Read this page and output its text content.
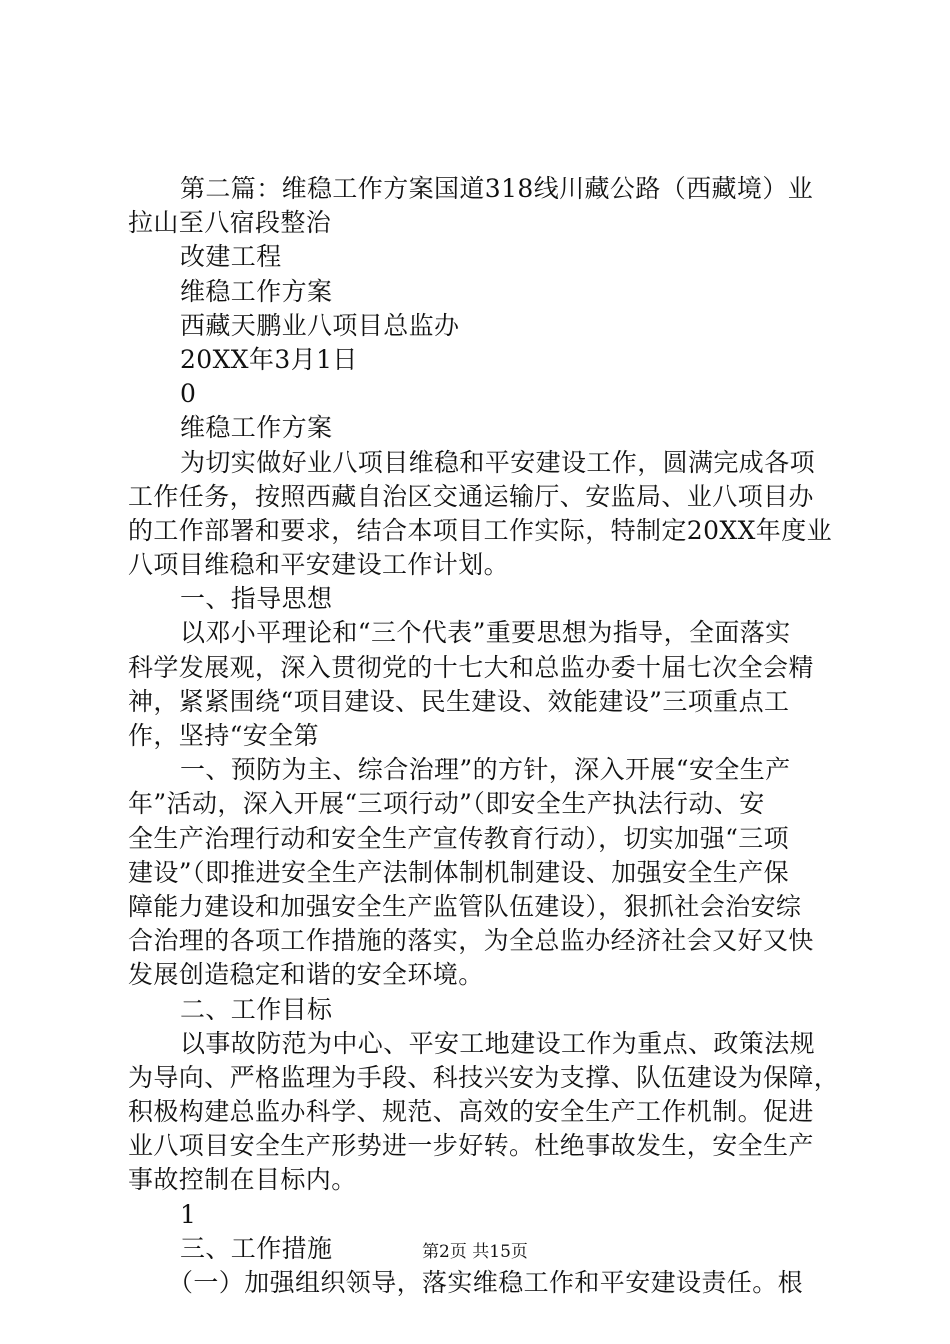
第二篇：维稳工作方案国道318线川藏公路（西藏境）业
拉山至八宿段整治
改建工程
维稳工作方案
西藏天鹏业八项目总监办
20XX年3月1日
0
维稳工作方案
为切实做好业八项目维稳和平安建设工作，圆满完成各项
工作任务，按照西藏自治区交通运输厅、安监局、业八项目办
的工作部署和要求，结合本项目工作实际，特制定20XX年度业
八项目维稳和平安建设工作计划。
一、指导思想
以邓小平理论和“三个代表”重要思想为指导，全面落实
科学发展观，深入贯彻党的十七大和总监办委十届七次全会精
神，紧紧围绕“项目建设、民生建设、效能建设”三项重点工
作，坚持“安全第
一、预防为主、综合治理”的方针，深入开展“安全生产
年”活动，深入开展“三项行动”（即安全生产执法行动、安
全生产治理行动和安全生产宣传教育行动），切实加强“三项
建设”（即推进安全生产法制体制机制建设、加强安全生产保
障能力建设和加强安全生产监管队伍建设），狠抓社会治安综
合治理的各项工作措施的落实，为全总监办经济社会又好又快
发展创造稳定和谐的安全环境。
二、工作目标
以事故防范为中心、平安工地建设工作为重点、政策法规
为导向、严格监理为手段、科技兴安为支撑、队伍建设为保障，
积极构建总监办科学、规范、高效的安全生产工作机制。促进
业八项目安全生产形势进一步好转。杜绝事故发生，安全生产
事故控制在目标内。
1
三、工作措施
（一）加强组织领导，落实维稳工作和平安建设责任。根
第2页 共15页
